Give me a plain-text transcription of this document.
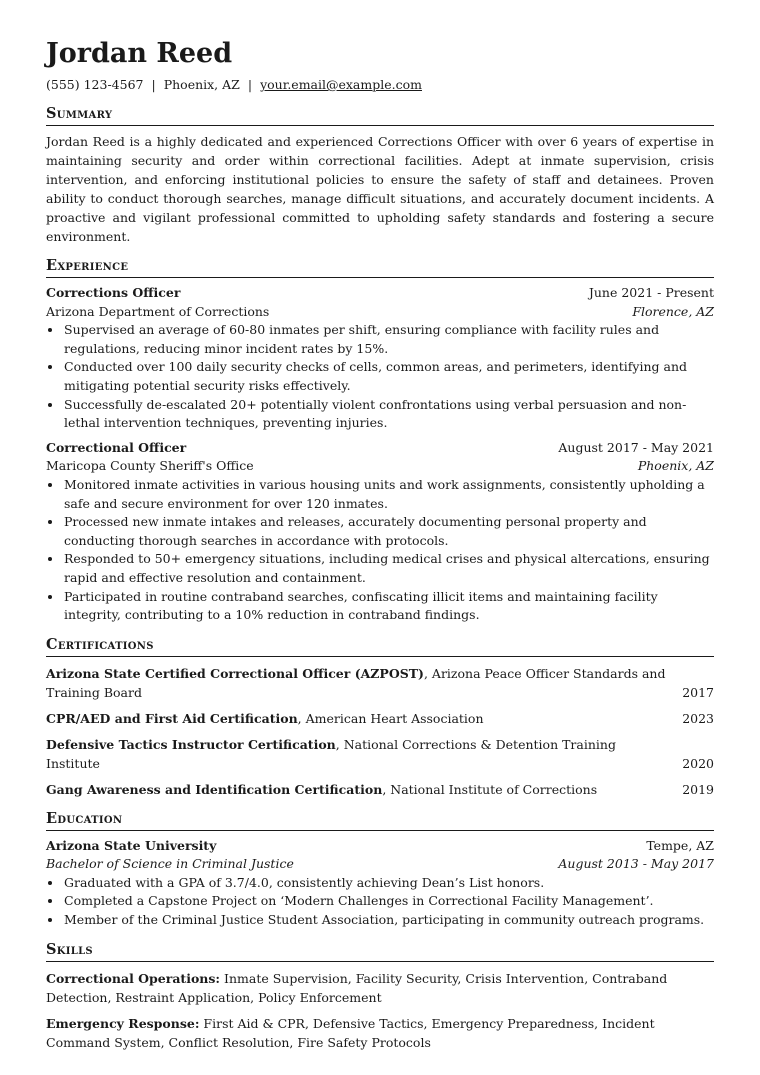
Jordan Reed
(555) 123-4567 | Phoenix, AZ | your.email@example.com
Summary
Jordan Reed is a highly dedicated and experienced Corrections Officer with over 6 years of expertise in maintaining security and order within correctional facilities. Adept at inmate supervision, crisis intervention, and enforcing institutional policies to ensure the safety of staff and detainees. Proven ability to conduct thorough searches, manage difficult situations, and accurately document incidents. A proactive and vigilant professional committed to upholding safety standards and fostering a secure environment.
Experience
Corrections Officer	June 2021 - Present
Arizona Department of Corrections	Florence, AZ
• Supervised an average of 60-80 inmates per shift, ensuring compliance with facility rules and regulations, reducing minor incident rates by 15%.
• Conducted over 100 daily security checks of cells, common areas, and perimeters, identifying and mitigating potential security risks effectively.
• Successfully de-escalated 20+ potentially violent confrontations using verbal persuasion and non-lethal intervention techniques, preventing injuries.
Correctional Officer	August 2017 - May 2021
Maricopa County Sheriff's Office	Phoenix, AZ
• Monitored inmate activities in various housing units and work assignments, consistently upholding a safe and secure environment for over 120 inmates.
• Processed new inmate intakes and releases, accurately documenting personal property and conducting thorough searches in accordance with protocols.
• Responded to 50+ emergency situations, including medical crises and physical altercations, ensuring rapid and effective resolution and containment.
• Participated in routine contraband searches, confiscating illicit items and maintaining facility integrity, contributing to a 10% reduction in contraband findings.
Certifications
Arizona State Certified Correctional Officer (AZPOST), Arizona Peace Officer Standards and Training Board	2017
CPR/AED and First Aid Certification, American Heart Association	2023
Defensive Tactics Instructor Certification, National Corrections & Detention Training Institute	2020
Gang Awareness and Identification Certification, National Institute of Corrections	2019
Education
Arizona State University	Tempe, AZ
Bachelor of Science in Criminal Justice	August 2013 - May 2017
• Graduated with a GPA of 3.7/4.0, consistently achieving Dean’s List honors.
• Completed a Capstone Project on ‘Modern Challenges in Correctional Facility Management’.
• Member of the Criminal Justice Student Association, participating in community outreach programs.
Skills
Correctional Operations: Inmate Supervision, Facility Security, Crisis Intervention, Contraband Detection, Restraint Application, Policy Enforcement
Emergency Response: First Aid & CPR, Defensive Tactics, Emergency Preparedness, Incident Command System, Conflict Resolution, Fire Safety Protocols
